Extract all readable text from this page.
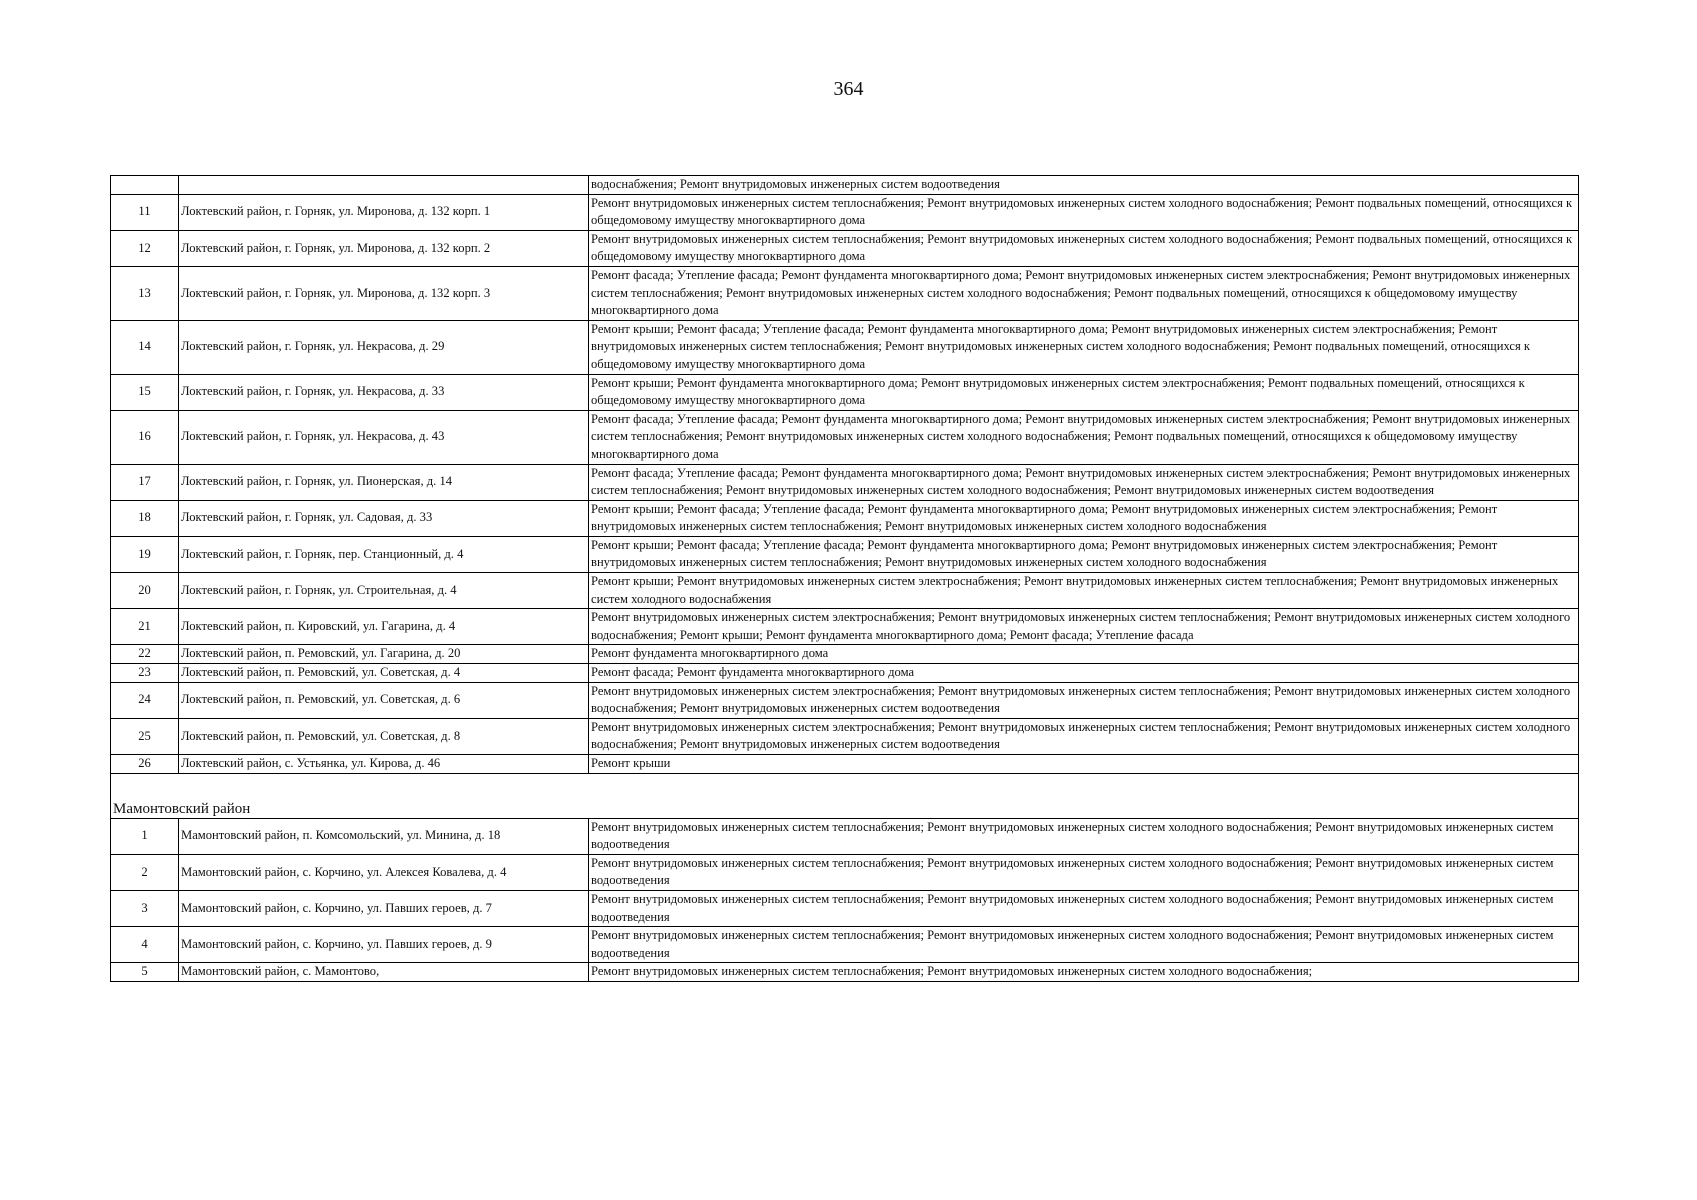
364
		водоснабжения; Ремонт внутридомовых инженерных систем водоотведения
11	Локтевский район, г. Горняк, ул. Миронова, д. 132 корп. 1	Ремонт внутридомовых инженерных систем теплоснабжения; Ремонт внутридомовых инженерных систем холодного водоснабжения; Ремонт подвальных помещений, относящихся к общедомовому имуществу многоквартирного дома
12	Локтевский район, г. Горняк, ул. Миронова, д. 132 корп. 2	Ремонт внутридомовых инженерных систем теплоснабжения; Ремонт внутридомовых инженерных систем холодного водоснабжения; Ремонт подвальных помещений, относящихся к общедомовому имуществу многоквартирного дома
13	Локтевский район, г. Горняк, ул. Миронова, д. 132 корп. 3	Ремонт фасада; Утепление фасада; Ремонт фундамента многоквартирного дома; Ремонт внутридомовых инженерных систем электроснабжения; Ремонт внутридомовых инженерных систем теплоснабжения; Ремонт внутридомовых инженерных систем холодного водоснабжения; Ремонт подвальных помещений, относящихся к общедомовому имуществу многоквартирного дома
14	Локтевский район, г. Горняк, ул. Некрасова, д. 29	Ремонт крыши; Ремонт фасада; Утепление фасада; Ремонт фундамента многоквартирного дома; Ремонт внутридомовых инженерных систем электроснабжения; Ремонт внутридомовых инженерных систем теплоснабжения; Ремонт внутридомовых инженерных систем холодного водоснабжения; Ремонт подвальных помещений, относящихся к общедомовому имуществу многоквартирного дома
15	Локтевский район, г. Горняк, ул. Некрасова, д. 33	Ремонт крыши; Ремонт фундамента многоквартирного дома; Ремонт внутридомовых инженерных систем электроснабжения; Ремонт подвальных помещений, относящихся к общедомовому имуществу многоквартирного дома
16	Локтевский район, г. Горняк, ул. Некрасова, д. 43	Ремонт фасада; Утепление фасада; Ремонт фундамента многоквартирного дома; Ремонт внутридомовых инженерных систем электроснабжения; Ремонт внутридомовых инженерных систем теплоснабжения; Ремонт внутридомовых инженерных систем холодного водоснабжения; Ремонт подвальных помещений, относящихся к общедомовому имуществу многоквартирного дома
17	Локтевский район, г. Горняк, ул. Пионерская, д. 14	Ремонт фасада; Утепление фасада; Ремонт фундамента многоквартирного дома; Ремонт внутридомовых инженерных систем электроснабжения; Ремонт внутридомовых инженерных систем теплоснабжения; Ремонт внутридомовых инженерных систем холодного водоснабжения; Ремонт внутридомовых инженерных систем водоотведения
18	Локтевский район, г. Горняк, ул. Садовая, д. 33	Ремонт крыши; Ремонт фасада; Утепление фасада; Ремонт фундамента многоквартирного дома; Ремонт внутридомовых инженерных систем электроснабжения; Ремонт внутридомовых инженерных систем теплоснабжения; Ремонт внутридомовых инженерных систем холодного водоснабжения
19	Локтевский район, г. Горняк, пер. Станционный, д. 4	Ремонт крыши; Ремонт фасада; Утепление фасада; Ремонт фундамента многоквартирного дома; Ремонт внутридомовых инженерных систем электроснабжения; Ремонт внутридомовых инженерных систем теплоснабжения; Ремонт внутридомовых инженерных систем холодного водоснабжения
20	Локтевский район, г. Горняк, ул. Строительная, д. 4	Ремонт крыши; Ремонт внутридомовых инженерных систем электроснабжения; Ремонт внутридомовых инженерных систем теплоснабжения; Ремонт внутридомовых инженерных систем холодного водоснабжения
21	Локтевский район, п. Кировский, ул. Гагарина, д. 4	Ремонт внутридомовых инженерных систем электроснабжения; Ремонт внутридомовых инженерных систем теплоснабжения; Ремонт внутридомовых инженерных систем холодного водоснабжения; Ремонт крыши; Ремонт фундамента многоквартирного дома; Ремонт фасада; Утепление фасада
22	Локтевский район, п. Ремовский, ул. Гагарина, д. 20	Ремонт фундамента многоквартирного дома
23	Локтевский район, п. Ремовский, ул. Советская, д. 4	Ремонт фасада; Ремонт фундамента многоквартирного дома
24	Локтевский район, п. Ремовский, ул. Советская, д. 6	Ремонт внутридомовых инженерных систем электроснабжения; Ремонт внутридомовых инженерных систем теплоснабжения; Ремонт внутридомовых инженерных систем холодного водоснабжения; Ремонт внутридомовых инженерных систем водоотведения
25	Локтевский район, п. Ремовский, ул. Советская, д. 8	Ремонт внутридомовых инженерных систем электроснабжения; Ремонт внутридомовых инженерных систем теплоснабжения; Ремонт внутридомовых инженерных систем холодного водоснабжения; Ремонт внутридомовых инженерных систем водоотведения
26	Локтевский район, с. Устьянка, ул. Кирова, д. 46	Ремонт крыши
Мамонтовский район		
1	Мамонтовский район, п. Комсомольский, ул. Минина, д. 18	Ремонт внутридомовых инженерных систем теплоснабжения; Ремонт внутридомовых инженерных систем холодного водоснабжения; Ремонт внутридомовых инженерных систем водоотведения
2	Мамонтовский район, с. Корчино, ул. Алексея Ковалева, д. 4	Ремонт внутридомовых инженерных систем теплоснабжения; Ремонт внутридомовых инженерных систем холодного водоснабжения; Ремонт внутридомовых инженерных систем водоотведения
3	Мамонтовский район, с. Корчино, ул. Павших героев, д. 7	Ремонт внутридомовых инженерных систем теплоснабжения; Ремонт внутридомовых инженерных систем холодного водоснабжения; Ремонт внутридомовых инженерных систем водоотведения
4	Мамонтовский район, с. Корчино, ул. Павших героев, д. 9	Ремонт внутридомовых инженерных систем теплоснабжения; Ремонт внутридомовых инженерных систем холодного водоснабжения; Ремонт внутридомовых инженерных систем водоотведения
5	Мамонтовский район, с. Мамонтово,	Ремонт внутридомовых инженерных систем теплоснабжения; Ремонт внутридомовых инженерных систем холодного водоснабжения;
